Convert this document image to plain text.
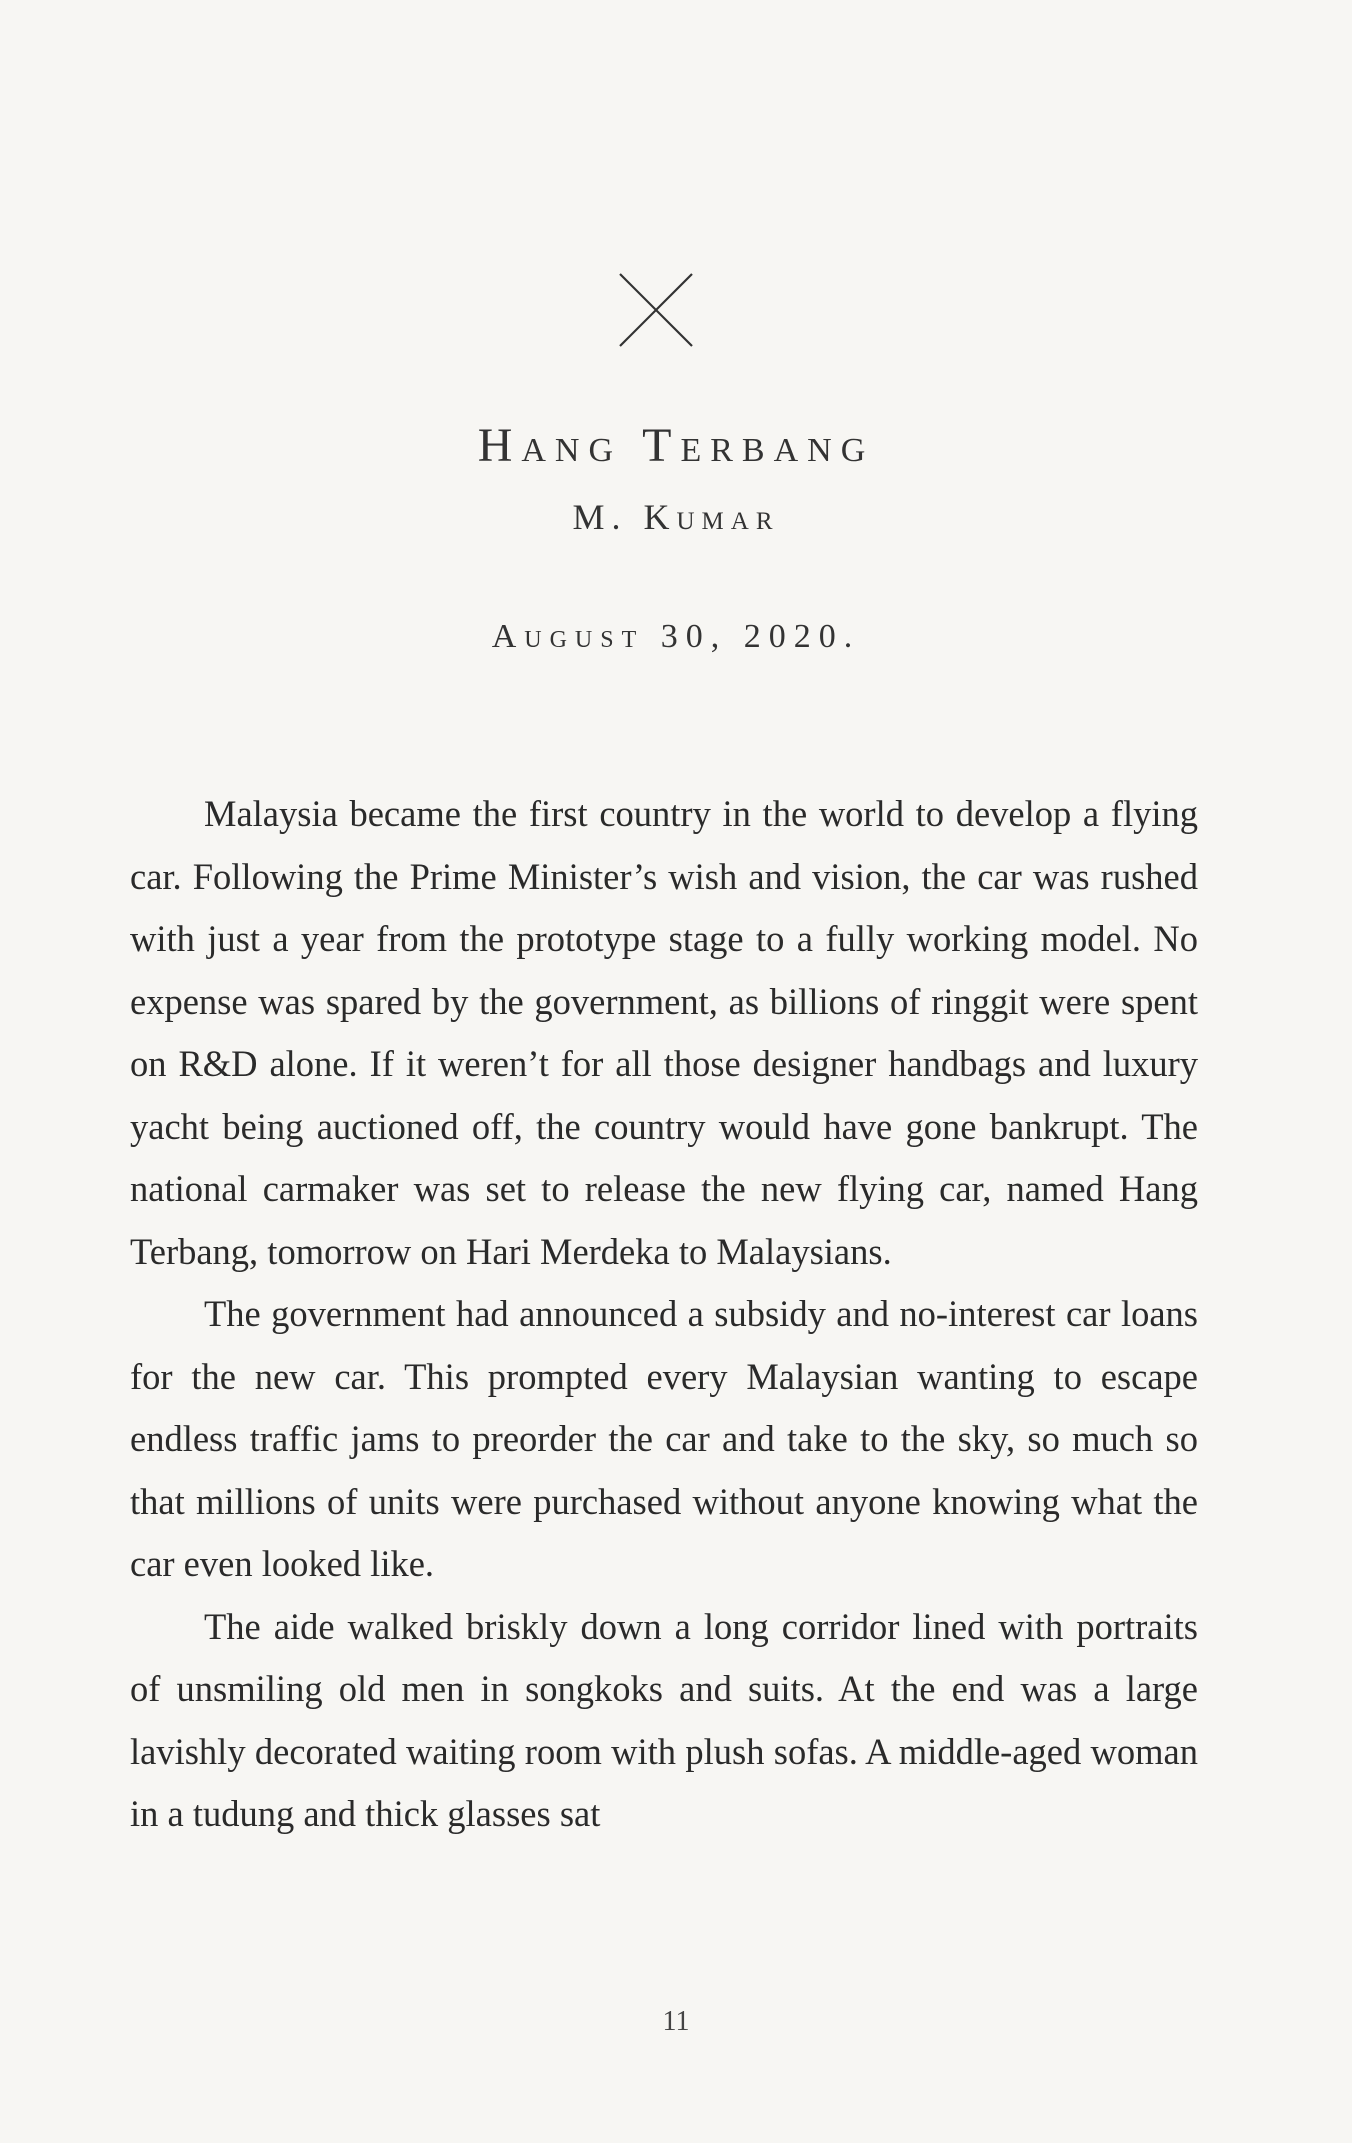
Hang Terbang
M. Kumar
August 30, 2020.

Malaysia became the first country in the world to develop a flying car. Following the Prime Minister’s wish and vision, the car was rushed with just a year from the prototype stage to a fully working model. No expense was spared by the government, as billions of ringgit were spent on R&D alone. If it weren’t for all those designer handbags and luxury yacht being auctioned off, the country would have gone bankrupt. The national carmaker was set to release the new flying car, named Hang Terbang, tomorrow on Hari Merdeka to Malaysians.

The government had announced a subsidy and no-interest car loans for the new car. This prompted every Malaysian wanting to escape endless traffic jams to preorder the car and take to the sky, so much so that millions of units were purchased without anyone knowing what the car even looked like.

The aide walked briskly down a long corridor lined with portraits of unsmiling old men in songkoks and suits. At the end was a large lavishly decorated waiting room with plush sofas. A middle-aged woman in a tudung and thick glasses sat

11
